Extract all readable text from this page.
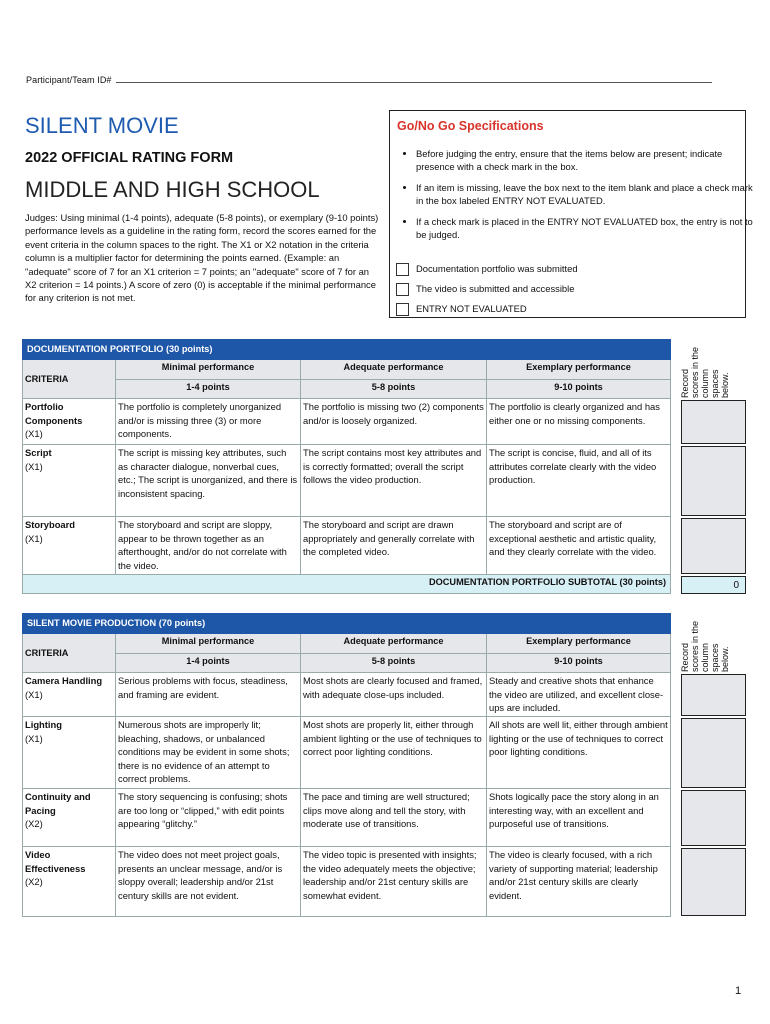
Participant/Team ID#
SILENT MOVIE
2022 OFFICIAL RATING FORM
MIDDLE AND HIGH SCHOOL
Judges: Using minimal (1-4 points), adequate (5-8 points), or exemplary (9-10 points) performance levels as a guideline in the rating form, record the scores earned for the event criteria in the column spaces to the right. The X1 or X2 notation in the criteria column is a multiplier factor for determining the points earned. (Example: an "adequate" score of 7 for an X1 criterion = 7 points; an "adequate" score of 7 for an X2 criterion = 14 points.) A score of zero (0) is acceptable if the minimal performance for any criterion is not met.
Go/No Go Specifications
• Before judging the entry, ensure that the items below are present; indicate presence with a check mark in the box.
• If an item is missing, leave the box next to the item blank and place a check mark in the box labeled ENTRY NOT EVALUATED.
• If a check mark is placed in the ENTRY NOT EVALUATED box, the entry is not to be judged.
Documentation portfolio was submitted
The video is submitted and accessible
ENTRY NOT EVALUATED
DOCUMENTATION PORTFOLIO (30 points)			
CRITERIA	Minimal performance	Adequate performance	Exemplary performance
	1-4 points	5-8 points	9-10 points
Portfolio Components
(X1)	The portfolio is completely unorganized and/or is missing three (3) or more components.	The portfolio is missing two (2) components and/or is loosely organized.	The portfolio is clearly organized and has either one or no missing components.
Script
(X1)	The script is missing key attributes, such as character dialogue, nonverbal cues, etc.; The script is unorganized, and there is inconsistent spacing.	The script contains most key attributes and is correctly formatted; overall the script follows the video production.	The script is concise, fluid, and all of its attributes correlate clearly with the video production.
Storyboard
(X1)	The storyboard and script are sloppy, appear to be thrown together as an afterthought, and/or do not correlate with the video.	The storyboard and script are drawn appropriately and generally correlate with the completed video.	The storyboard and script are of exceptional aesthetic and artistic quality, and they clearly correlate with the video.
DOCUMENTATION PORTFOLIO SUBTOTAL (30 points)			
Record scores in the column spaces below.
0
SILENT MOVIE PRODUCTION (70 points)			
CRITERIA	Minimal performance	Adequate performance	Exemplary performance
	1-4 points	5-8 points	9-10 points
Camera Handling
(X1)	Serious problems with focus, steadiness, and framing are evident.	Most shots are clearly focused and framed, with adequate close-ups included.	Steady and creative shots that enhance the video are utilized, and excellent close-ups are included.
Lighting
(X1)	Numerous shots are improperly lit; bleaching, shadows, or unbalanced conditions may be evident in some shots; there is no evidence of an attempt to correct problems.	Most shots are properly lit, either through ambient lighting or the use of techniques to correct poor lighting conditions.	All shots are well lit, either through ambient lighting or the use of techniques to correct poor lighting conditions.
Continuity and Pacing
(X2)	The story sequencing is confusing; shots are too long or “clipped,” with edit points appearing “glitchy.”	The pace and timing are well structured; clips move along and tell the story, with moderate use of transitions.	Shots logically pace the story along in an interesting way, with an excellent and purposeful use of transitions.
Video Effectiveness
(X2)	The video does not meet project goals, presents an unclear message, and/or is sloppy overall; leadership and/or 21st century skills are not evident.	The video topic is presented with insights; the video adequately meets the objective; leadership and/or 21st century skills are somewhat evident.	The video is clearly focused, with a rich variety of supporting material; leadership and/or 21st century skills are clearly evident.
Record scores in the column spaces below.
1
